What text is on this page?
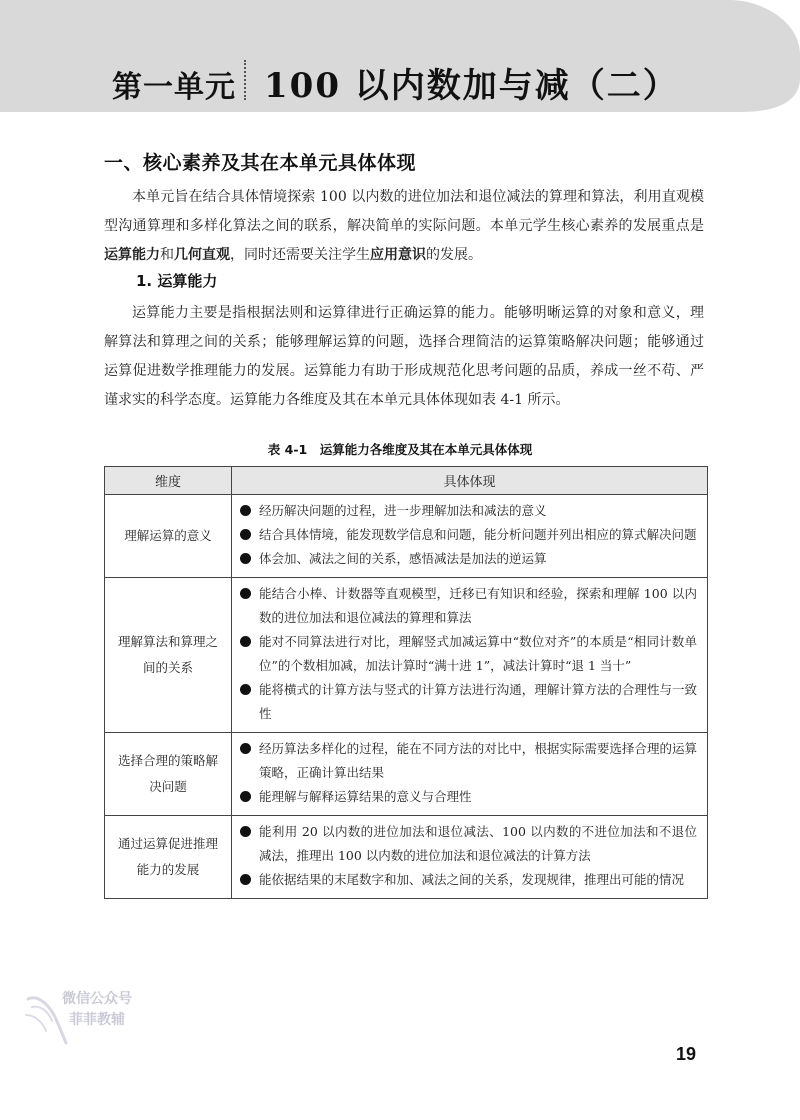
第一单元 100 以内数加与减（二）
一、核心素养及其在本单元具体体现

本单元旨在结合具体情境探索 100 以内数的进位加法和退位减法的算理和算法，利用直观模型沟通算理和多样化算法之间的联系，解决简单的实际问题。本单元学生核心素养的发展重点是运算能力和几何直观，同时还需要关注学生应用意识的发展。

1. 运算能力

运算能力主要是指根据法则和运算律进行正确运算的能力。能够明晰运算的对象和意义，理解算法和算理之间的关系；能够理解运算的问题，选择合理简洁的运算策略解决问题；能够通过运算促进数学推理能力的发展。运算能力有助于形成规范化思考问题的品质，养成一丝不苟、严谨求实的科学态度。运算能力各维度及其在本单元具体体现如表 4-1 所示。

表 4-1　运算能力各维度及其在本单元具体体现
维度	具体体现
理解运算的意义	经历解决问题的过程，进一步理解加法和减法的意义
结合具体情境，能发现数学信息和问题，能分析问题并列出相应的算式解决问题
体会加、减法之间的关系，感悟减法是加法的逆运算

理解算法和算理之间的关系	能结合小棒、计数器等直观模型，迁移已有知识和经验，探索和理解 100 以内数的进位加法和退位减法的算理和算法
能对不同算法进行对比，理解竖式加减运算中“数位对齐”的本质是“相同计数单位”的个数相加减，加法计算时“满十进 1”，减法计算时“退 1 当十”
能将横式的计算方法与竖式的计算方法进行沟通，理解计算方法的合理性与一致性

选择合理的策略解决问题	经历算法多样化的过程，能在不同方法的对比中，根据实际需要选择合理的运算策略，正确计算出结果
能理解与解释运算结果的意义与合理性

通过运算促进推理能力的发展	能利用 20 以内数的进位加法和退位减法、100 以内数的不进位加法和不退位减法，推理出 100 以内数的进位加法和退位减法的计算方法
能依据结果的末尾数字和加、减法之间的关系，发现规律，推理出可能的情况
微信公众号
菲菲教辅
19
